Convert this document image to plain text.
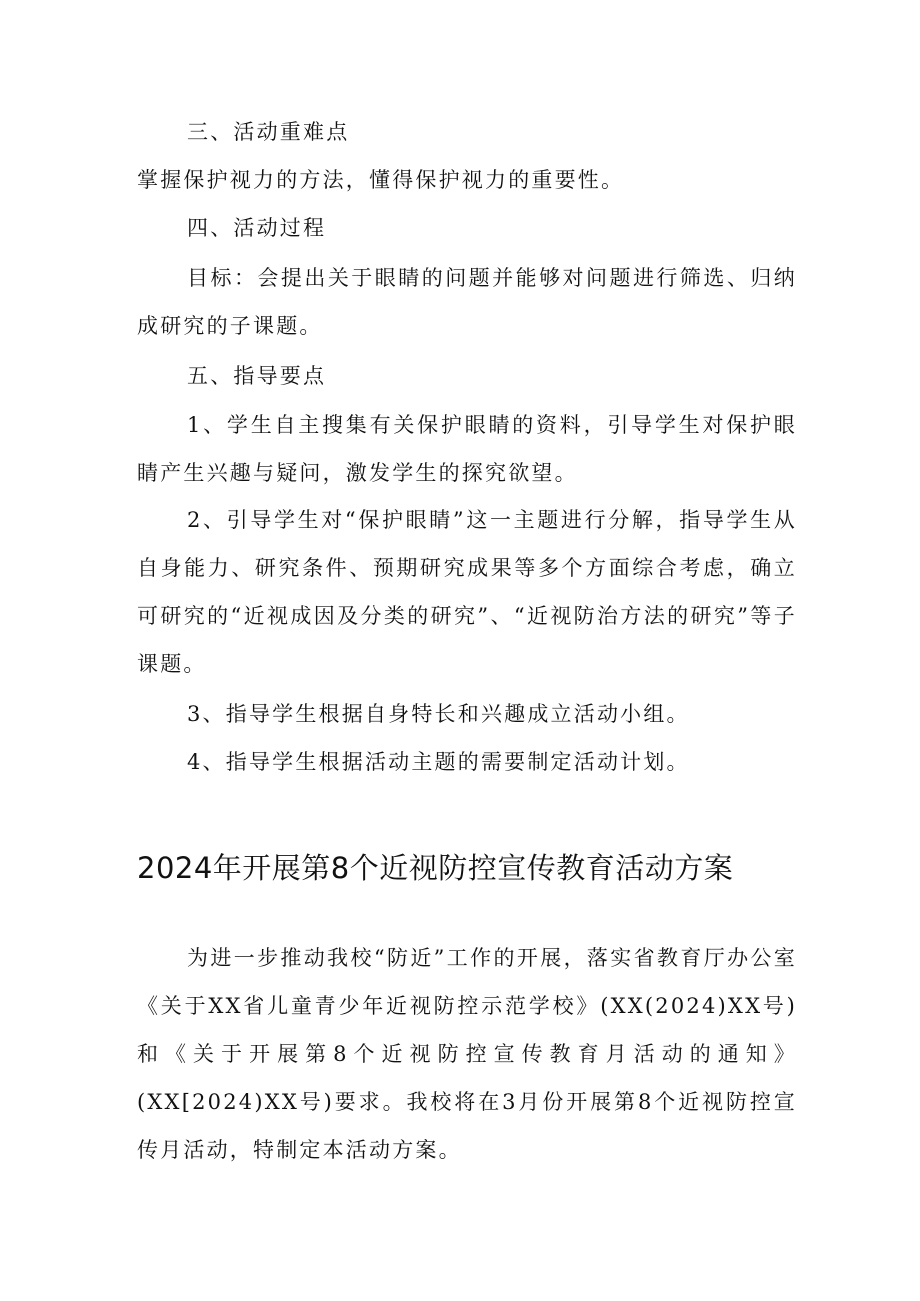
三、活动重难点

掌握保护视力的方法，懂得保护视力的重要性。

四、活动过程

目标：会提出关于眼睛的问题并能够对问题进行筛选、归纳成研究的子课题。

五、指导要点

1、学生自主搜集有关保护眼睛的资料，引导学生对保护眼睛产生兴趣与疑问，激发学生的探究欲望。

2、引导学生对“保护眼睛”这一主题进行分解，指导学生从自身能力、研究条件、预期研究成果等多个方面综合考虑，确立可研究的“近视成因及分类的研究”、“近视防治方法的研究”等子课题。

3、指导学生根据自身特长和兴趣成立活动小组。

4、指导学生根据活动主题的需要制定活动计划。

2024年开展第8个近视防控宣传教育活动方案

为进一步推动我校“防近”工作的开展，落实省教育厅办公室《关于XX省儿童青少年近视防控示范学校》(XX(2024)XX号)和《关于开展第8个近视防控宣传教育月活动的通知》(XX[2024)XX号)要求。我校将在3月份开展第8个近视防控宣传月活动，特制定本活动方案。
